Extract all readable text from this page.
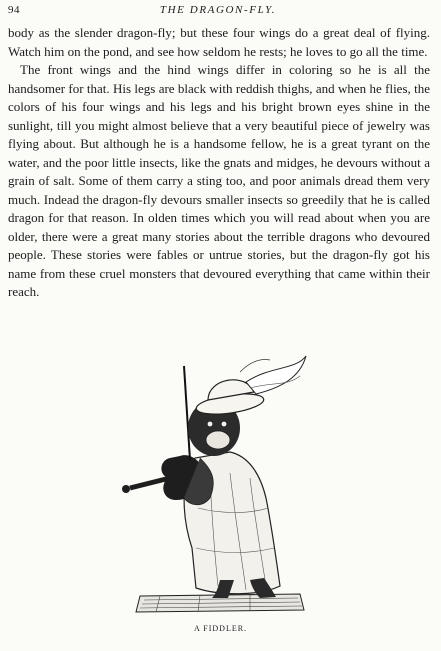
94	THE DRAGON-FLY.

body as the slender dragon-fly; but these four wings do a great deal of flying. Watch him on the pond, and see how seldom he rests; he loves to go all the time.

The front wings and the hind wings differ in coloring so he is all the handsomer for that. His legs are black with reddish thighs, and when he flies, the colors of his four wings and his legs and his bright brown eyes shine in the sunlight, till you might almost believe that a very beautiful piece of jewelry was flying about. But although he is a handsome fellow, he is a great tyrant on the water, and the poor little insects, like the gnats and midges, he devours without a grain of salt. Some of them carry a sting too, and poor animals dread them very much. Indead the dragon-fly devours smaller insects so greedily that he is called dragon for that reason. In olden times which you will read about when you are older, there were a great many stories about the terrible dragons who devoured people. These stories were fables or untrue stories, but the dragon-fly got his name from these cruel monsters that devoured everything that came within their reach.

A FIDDLER.
